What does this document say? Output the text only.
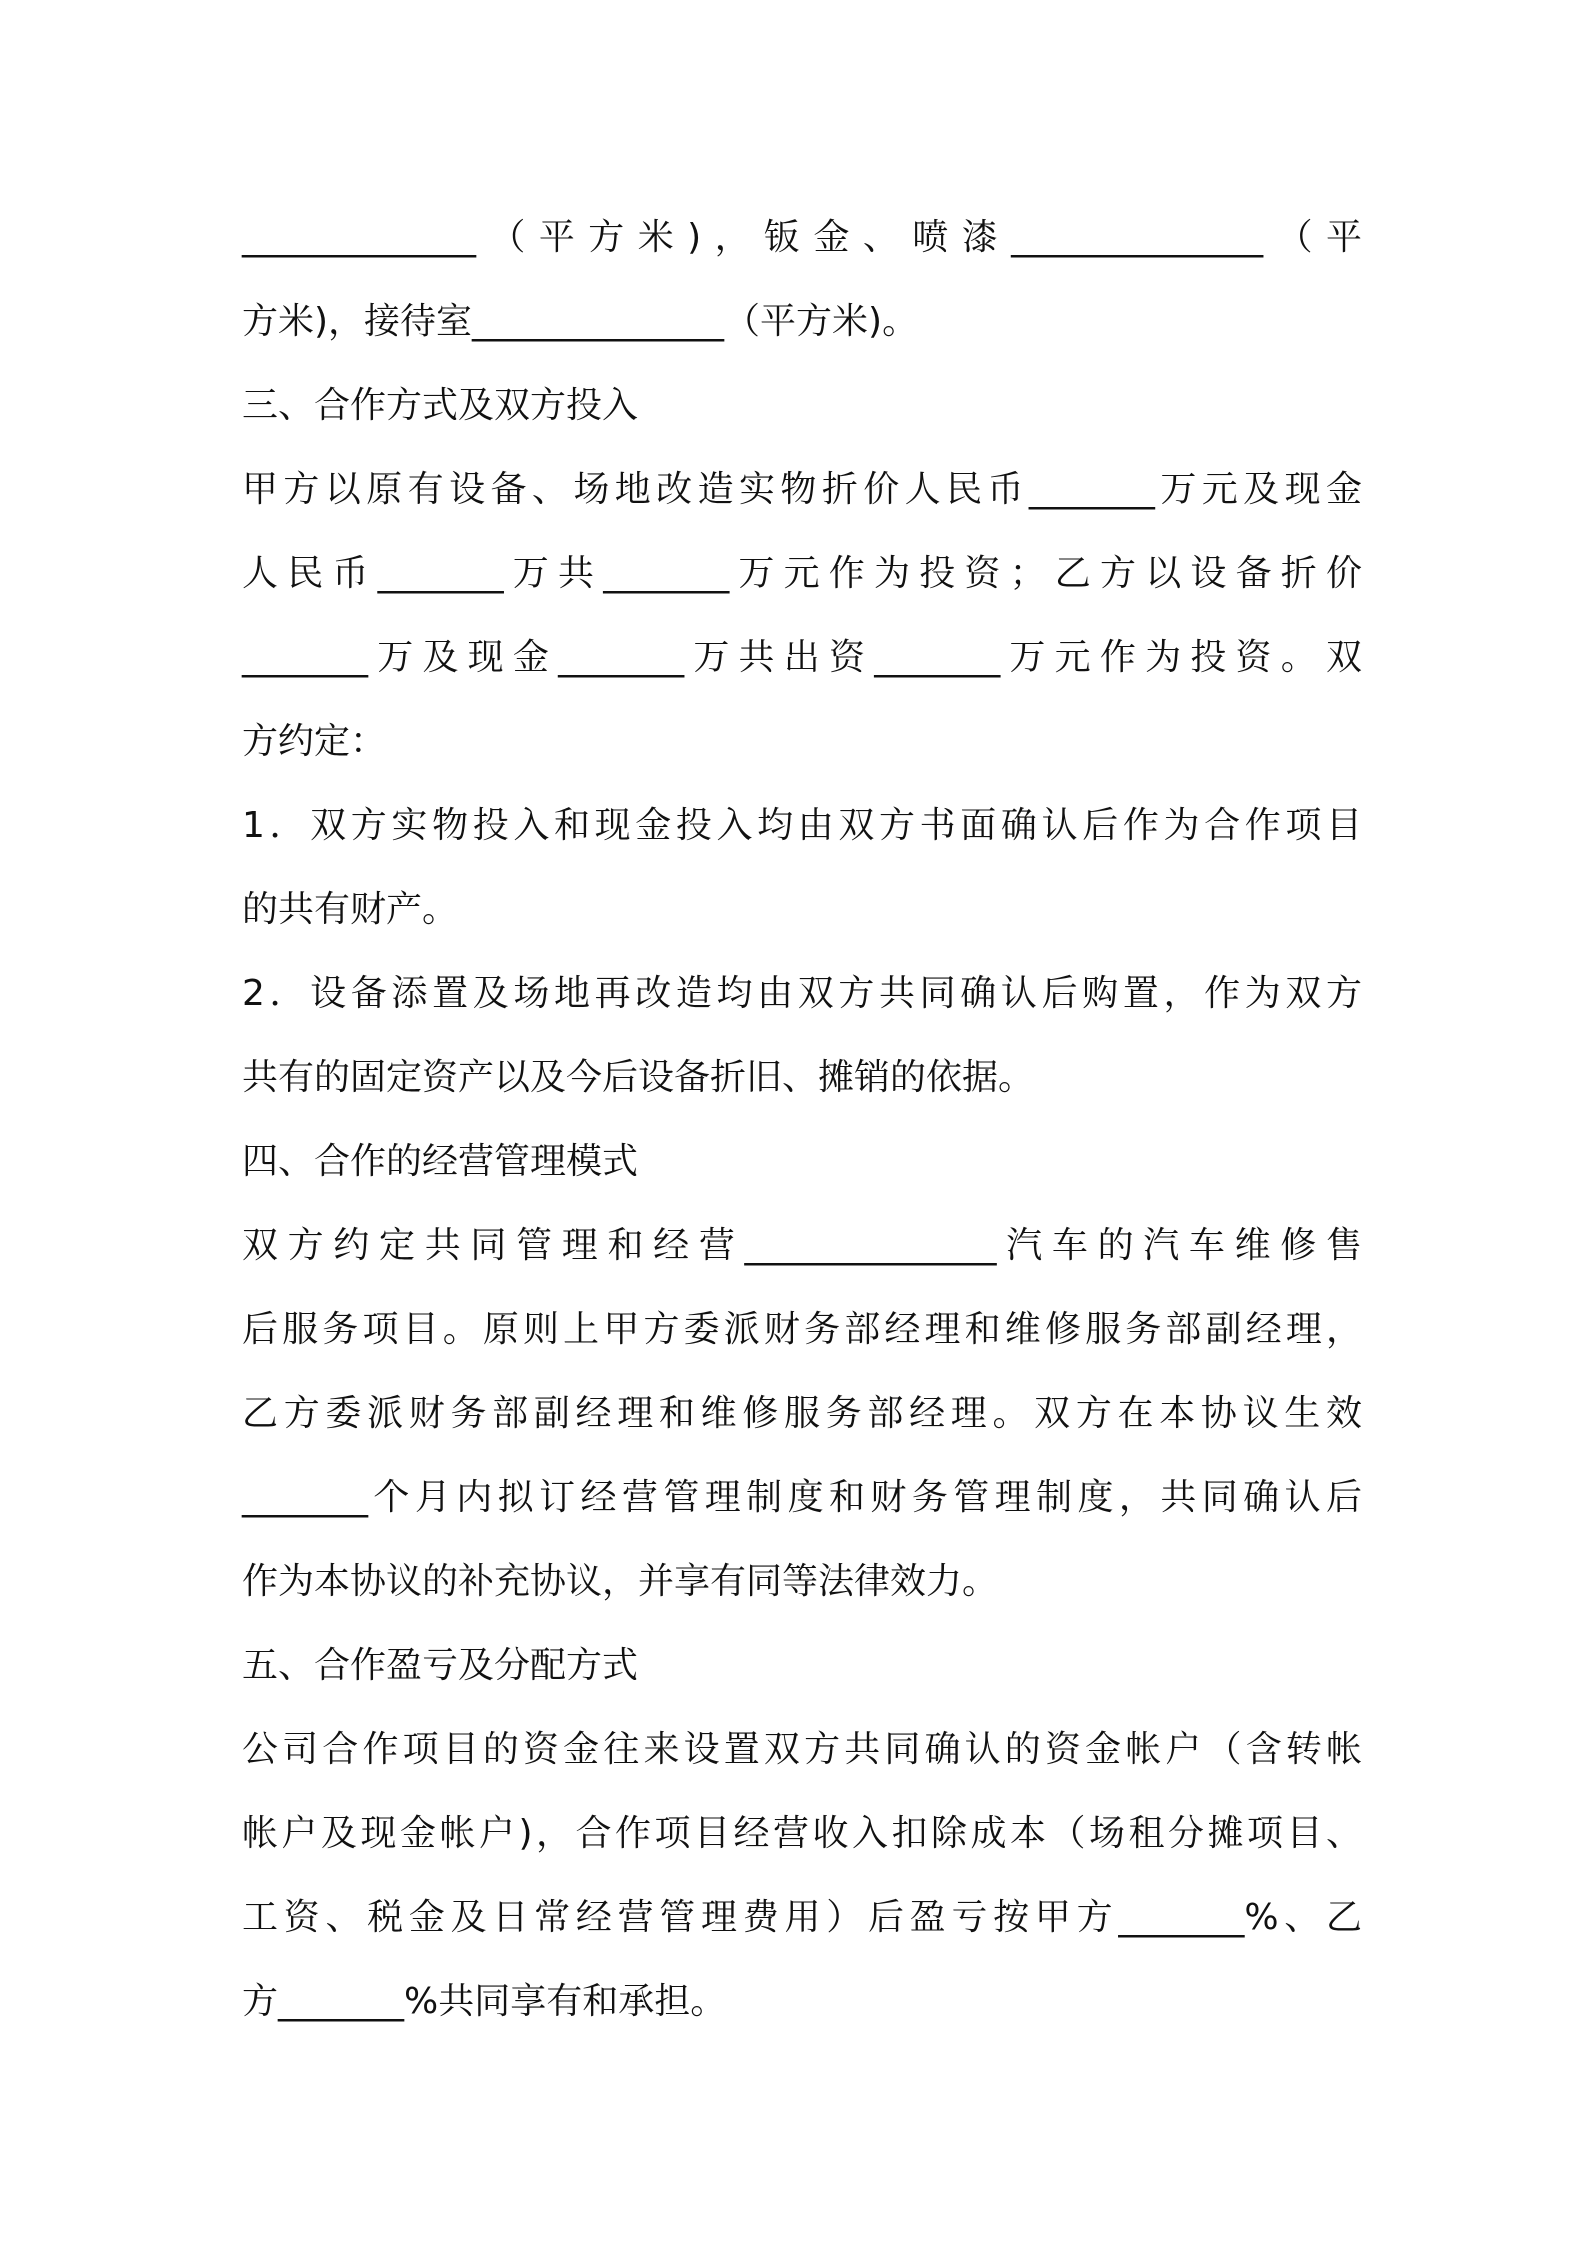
_____________（平方米)，钣金、喷漆______________（平
方米)，接待室______________（平方米)。
三、合作方式及双方投入
甲方以原有设备、场地改造实物折价人民币_______万元及现金
人民币_______万共_______万元作为投资；乙方以设备折价
_______万及现金_______万共出资_______万元作为投资。双
方约定：
1．双方实物投入和现金投入均由双方书面确认后作为合作项目
的共有财产。
2．设备添置及场地再改造均由双方共同确认后购置，作为双方
共有的固定资产以及今后设备折旧、摊销的依据。
四、合作的经营管理模式
双方约定共同管理和经营______________汽车的汽车维修售
后服务项目。原则上甲方委派财务部经理和维修服务部副经理，
乙方委派财务部副经理和维修服务部经理。双方在本协议生效
_______个月内拟订经营管理制度和财务管理制度，共同确认后
作为本协议的补充协议，并享有同等法律效力。
五、合作盈亏及分配方式
公司合作项目的资金往来设置双方共同确认的资金帐户（含转帐
帐户及现金帐户)，合作项目经营收入扣除成本（场租分摊项目、
工资、税金及日常经营管理费用）后盈亏按甲方_______%、乙
方_______%共同享有和承担。
